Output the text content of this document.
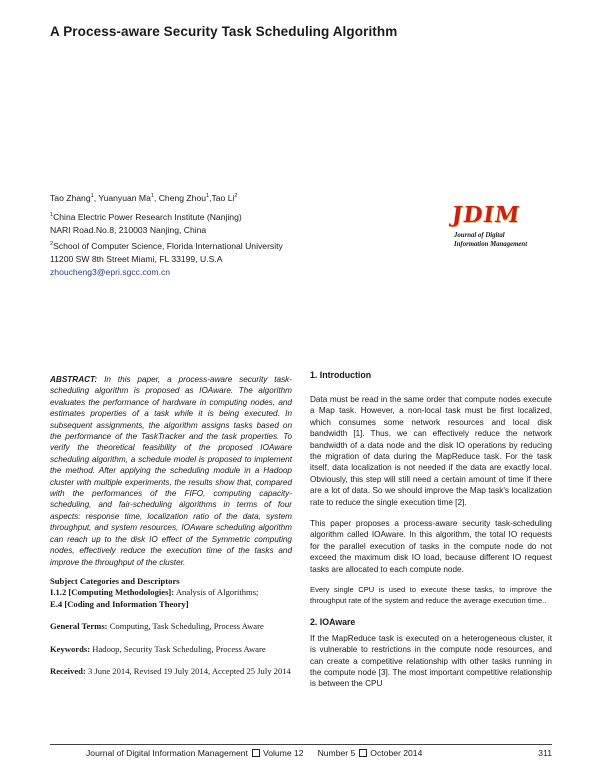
A Process-aware Security Task Scheduling Algorithm
Tao Zhang$^1$, Yuanyuan Ma$^1$, Cheng Zhou$^1$,Tao Li$^2$
$^1$China Electric Power Research Institute (Nanjing)
NARI Road.No.8, 210003 Nanjing, China
$^2$School of Computer Science, Florida International University
11200 SW 8th Street Miami, FL 33199, U.S.A
zhoucheng3@epri.sgcc.com.cn
JDIM
Journal of Digital
Information Management

ABSTRACT: In this paper, a process-aware security task-scheduling algorithm is proposed as IOAware. The algorithm evaluates the performance of hardware in computing nodes, and estimates properties of a task while it is being executed. In subsequent assignments, the algorithm assigns tasks based on the performance of the TaskTracker and the task properties. To verify the theoretical feasibility of the proposed IOAware scheduling algorithm, a schedule model is proposed to implement the method. After applying the scheduling module in a Hadoop cluster with multiple experiments, the results show that, compared with the performances of the FIFO, computing capacity-scheduling, and fair-scheduling algorithms in terms of four aspects: response time, localization ratio of the data, system throughput, and system resources, IOAware scheduling algorithm can reach up to the disk IO effect of the Symmetric computing nodes, effectively reduce the execution time of the tasks and improve the throughput of the cluster.

Subject Categories and Descriptors
I.1.2 [Computing Methodologies]: Analysis of Algorithms;
E.4 [Coding and Information Theory]
General Terms: Computing, Task Scheduling, Process Aware
Keywords: Hadoop, Security Task Scheduling, Process Aware
Received: 3 June 2014, Revised 19 July 2014, Accepted 25 July 2014
1. Introduction

Data must be read in the same order that compute nodes execute a Map task. However, a non-local task must be first localized, which consumes some network resources and local disk bandwidth [1]. Thus, we can effectively reduce the network bandwidth of a data node and the disk IO operations by reducing the migration of data during the MapReduce task. For the task itself, data localization is not needed if the data are exactly local. Obviously, this step will still need a certain amount of time if there are a lot of data. So we should improve the Map task's localization rate to reduce the single execution time [2].

This paper proposes a process-aware security task-scheduling algorithm called IOAware. In this algorithm, the total IO requests for the parallel execution of tasks in the compute node do not exceed the maximum disk IO load, because different IO request tasks are allocated to each compute node.

Every single CPU is used to execute these tasks, to improve the throughput rate of the system and reduce the average execution time..

2. IOAware

If the MapReduce task is executed on a heterogeneous cluster, it is vulnerable to restrictions in the compute node resources, and can create a competitive relationship with other tasks running in the compute node [3]. The most important competitive relationship is between the CPU

Journal of Digital Information Management Volume 12 Number 5 October 2014	311
